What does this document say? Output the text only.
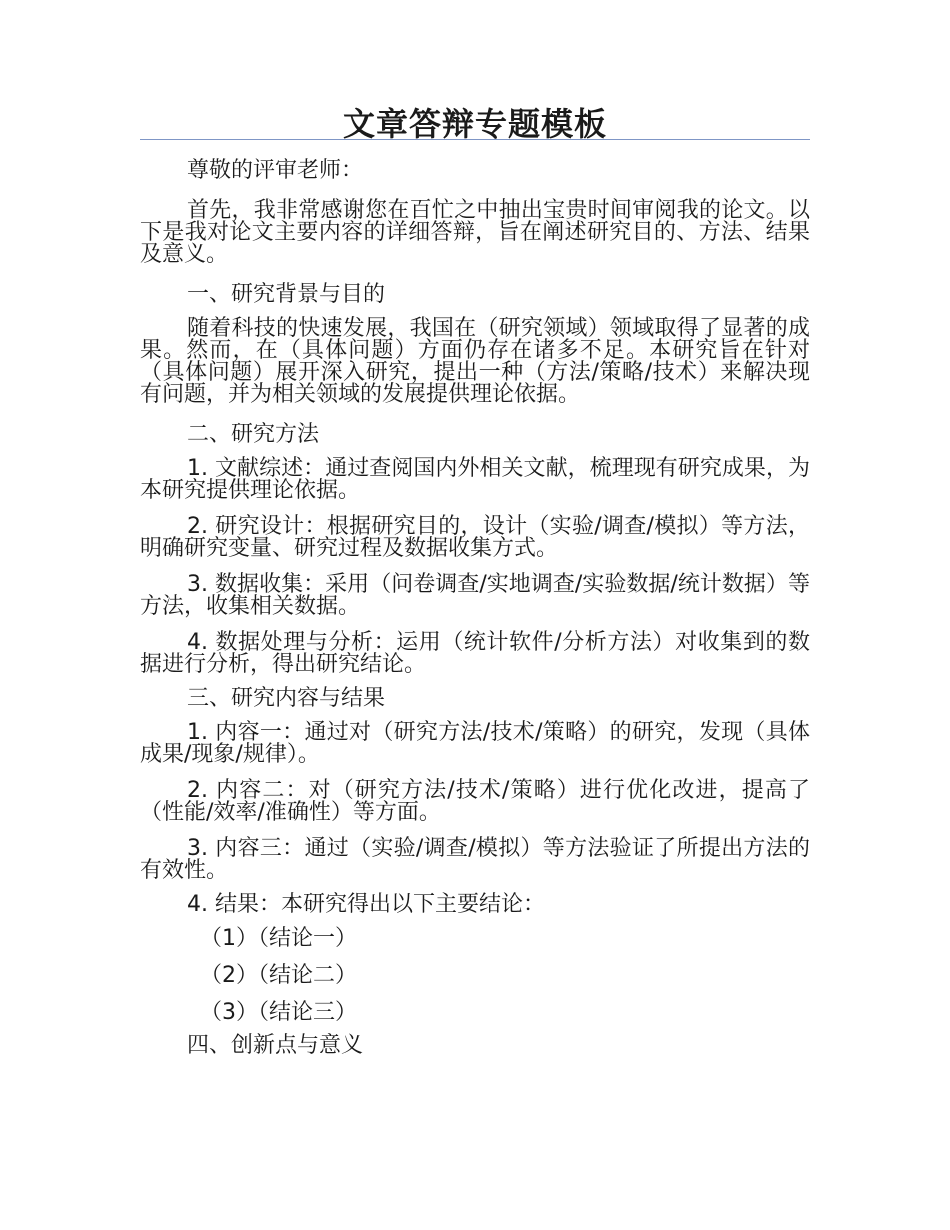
文章答辩专题模板

尊敬的评审老师：

首先，我非常感谢您在百忙之中抽出宝贵时间审阅我的论文。以下是我对论文主要内容的详细答辩，旨在阐述研究目的、方法、结果及意义。

一、研究背景与目的

随着科技的快速发展，我国在（研究领域）领域取得了显著的成果。然而，在（具体问题）方面仍存在诸多不足。本研究旨在针对（具体问题）展开深入研究，提出一种（方法/策略/技术）来解决现有问题，并为相关领域的发展提供理论依据。

二、研究方法

1. 文献综述：通过查阅国内外相关文献，梳理现有研究成果，为本研究提供理论依据。

2. 研究设计：根据研究目的，设计（实验/调查/模拟）等方法，明确研究变量、研究过程及数据收集方式。

3. 数据收集：采用（问卷调查/实地调查/实验数据/统计数据）等方法，收集相关数据。

4. 数据处理与分析：运用（统计软件/分析方法）对收集到的数据进行分析，得出研究结论。

三、研究内容与结果

1. 内容一：通过对（研究方法/技术/策略）的研究，发现（具体成果/现象/规律）。

2. 内容二：对（研究方法/技术/策略）进行优化改进，提高了（性能/效率/准确性）等方面。

3. 内容三：通过（实验/调查/模拟）等方法验证了所提出方法的有效性。

4. 结果：本研究得出以下主要结论：

（1）（结论一）
（2）（结论二）
（3）（结论三）

四、创新点与意义
